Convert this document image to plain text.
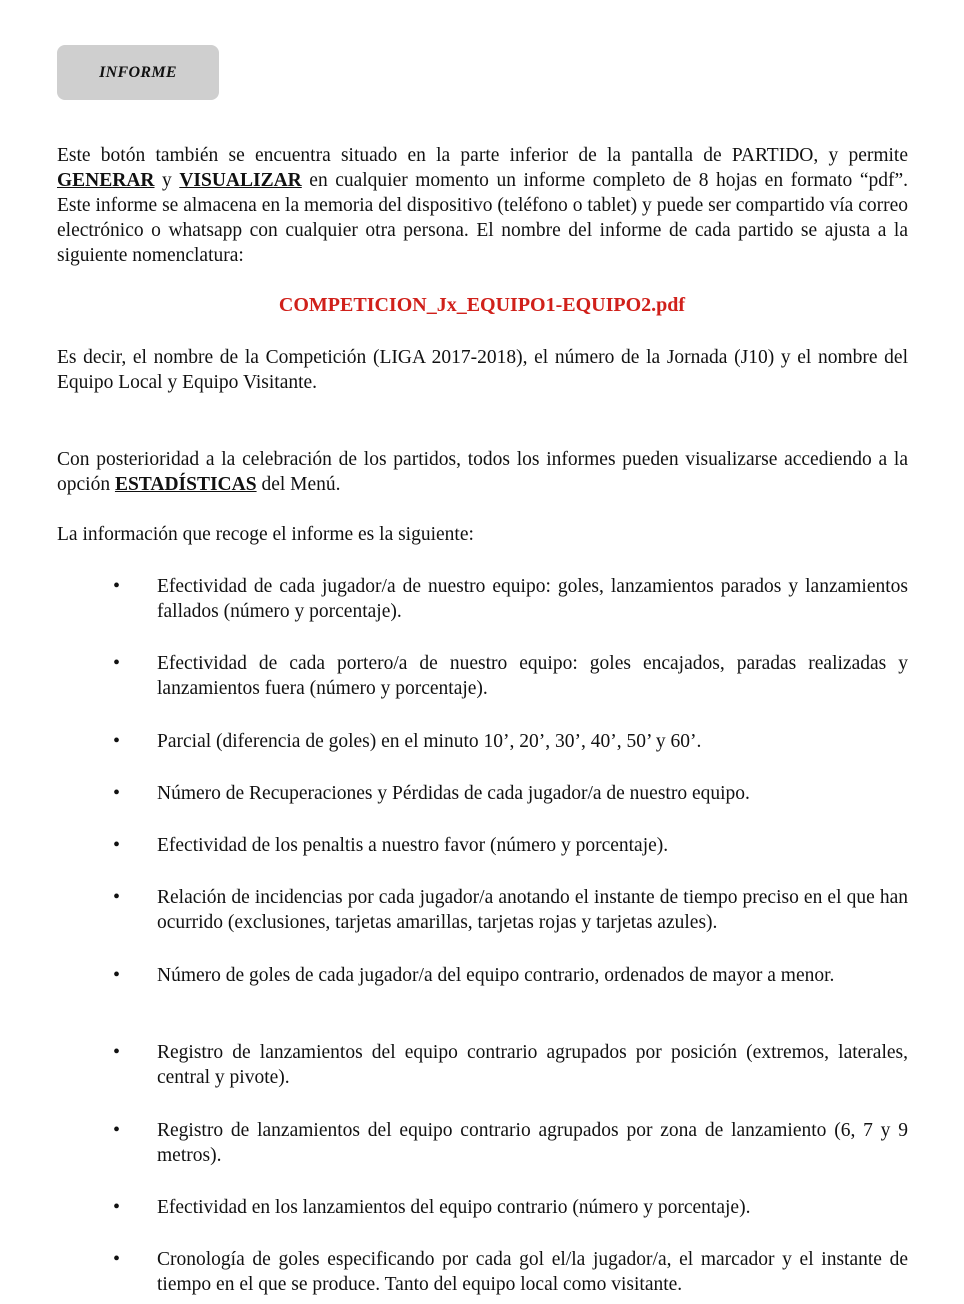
INFORME

Este botón también se encuentra situado en la parte inferior de la pantalla de PARTIDO, y permite GENERAR y VISUALIZAR en cualquier momento un informe completo de 8 hojas en formato “pdf”. Este informe se almacena en la memoria del dispositivo (teléfono o tablet) y puede ser compartido vía correo electrónico o whatsapp con cualquier otra persona. El nombre del informe de cada partido se ajusta a la siguiente nomenclatura:

COMPETICION_Jx_EQUIPO1-EQUIPO2.pdf

Es decir, el nombre de la Competición (LIGA 2017-2018), el número de la Jornada (J10) y el nombre del Equipo Local y Equipo Visitante.

Con posterioridad a la celebración de los partidos, todos los informes pueden visualizarse accediendo a la opción ESTADÍSTICAS del Menú.

La información que recoge el informe es la siguiente:

• Efectividad de cada jugador/a de nuestro equipo: goles, lanzamientos parados y lanzamientos fallados (número y porcentaje).
• Efectividad de cada portero/a de nuestro equipo: goles encajados, paradas realizadas y lanzamientos fuera (número y porcentaje).
• Parcial (diferencia de goles) en el minuto 10’, 20’, 30’, 40’, 50’ y 60’.
• Número de Recuperaciones y Pérdidas de cada jugador/a de nuestro equipo.
• Efectividad de los penaltis a nuestro favor (número y porcentaje).
• Relación de incidencias por cada jugador/a anotando el instante de tiempo preciso en el que han ocurrido (exclusiones, tarjetas amarillas, tarjetas rojas y tarjetas azules).
• Número de goles de cada jugador/a del equipo contrario, ordenados de mayor a menor.
• Registro de lanzamientos del equipo contrario agrupados por posición (extremos, laterales, central y pivote).
• Registro de lanzamientos del equipo contrario agrupados por zona de lanzamiento (6, 7 y 9 metros).
• Efectividad en los lanzamientos del equipo contrario (número y porcentaje).
• Cronología de goles especificando por cada gol el/la jugador/a, el marcador y el instante de tiempo en el que se produce. Tanto del equipo local como visitante.
